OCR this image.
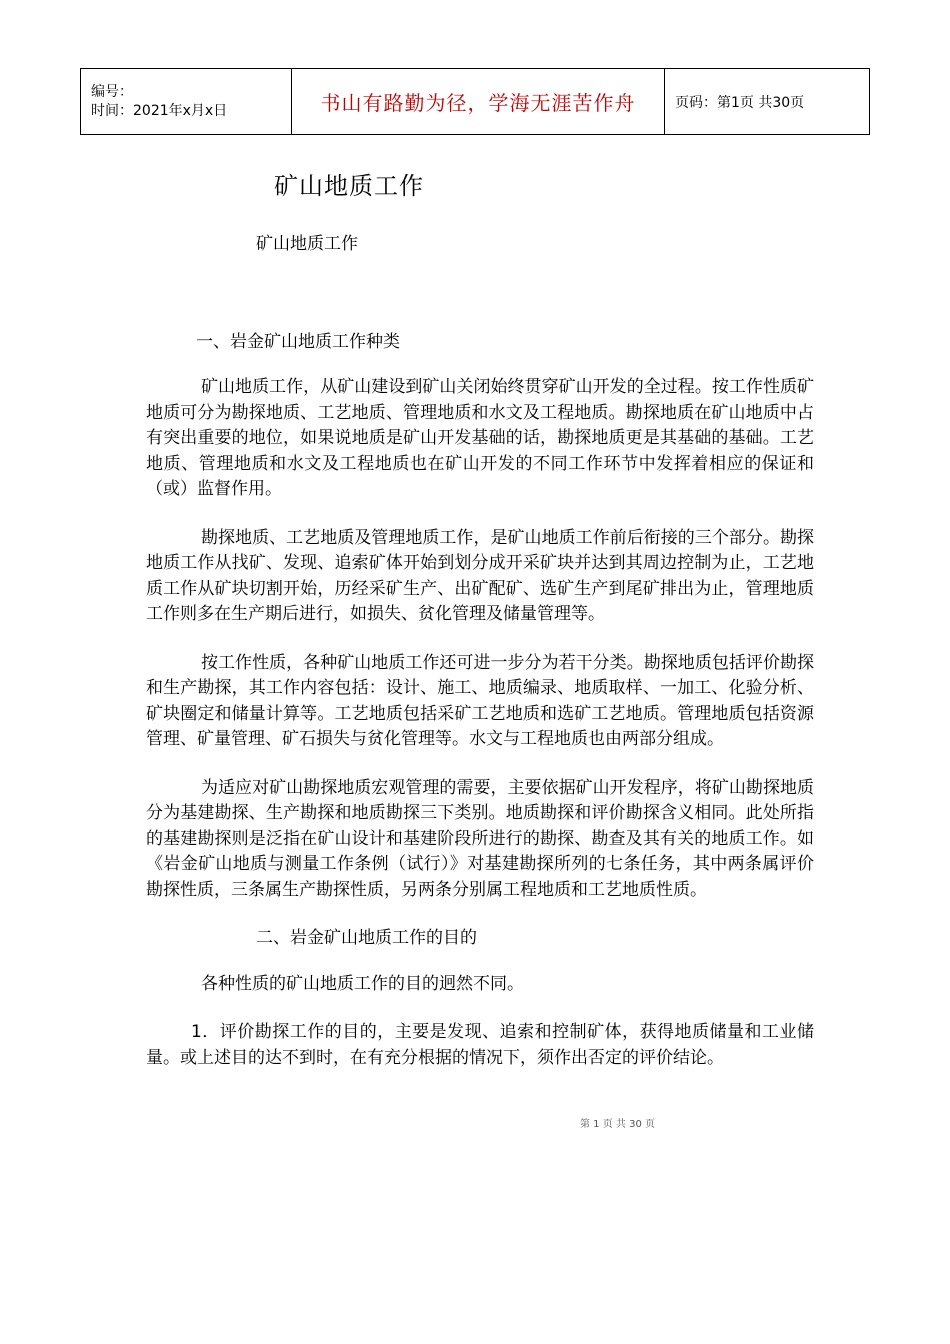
编号：
时间：2021年x月x日	书山有路勤为径，学海无涯苦作舟	页码：第1页 共30页
矿山地质工作

矿山地质工作

一、岩金矿山地质工作种类

矿山地质工作，从矿山建设到矿山关闭始终贯穿矿山开发的全过程。按工作性质矿地质可分为勘探地质、工艺地质、管理地质和水文及工程地质。勘探地质在矿山地质中占有突出重要的地位，如果说地质是矿山开发基础的话，勘探地质更是其基础的基础。工艺地质、管理地质和水文及工程地质也在矿山开发的不同工作环节中发挥着相应的保证和（或）监督作用。

勘探地质、工艺地质及管理地质工作，是矿山地质工作前后衔接的三个部分。勘探地质工作从找矿、发现、追索矿体开始到划分成开采矿块并达到其周边控制为止，工艺地质工作从矿块切割开始，历经采矿生产、出矿配矿、选矿生产到尾矿排出为止，管理地质工作则多在生产期后进行，如损失、贫化管理及储量管理等。

按工作性质，各种矿山地质工作还可进一步分为若干分类。勘探地质包括评价勘探和生产勘探，其工作内容包括：设计、施工、地质编录、地质取样、一加工、化验分析、矿块圈定和储量计算等。工艺地质包括采矿工艺地质和选矿工艺地质。管理地质包括资源管理、矿量管理、矿石损失与贫化管理等。水文与工程地质也由两部分组成。

为适应对矿山勘探地质宏观管理的需要，主要依据矿山开发程序，将矿山勘探地质分为基建勘探、生产勘探和地质勘探三下类别。地质勘探和评价勘探含义相同。此处所指的基建勘探则是泛指在矿山设计和基建阶段所进行的勘探、勘查及其有关的地质工作。如《岩金矿山地质与测量工作条例（试行）》对基建勘探所列的七条任务，其中两条属评价勘探性质，三条属生产勘探性质，另两条分别属工程地质和工艺地质性质。

二、岩金矿山地质工作的目的

各种性质的矿山地质工作的目的迥然不同。

1．评价勘探工作的目的，主要是发现、追索和控制矿体，获得地质储量和工业储量。或上述目的达不到时，在有充分根据的情况下，须作出否定的评价结论。

第 1 页 共 30 页
